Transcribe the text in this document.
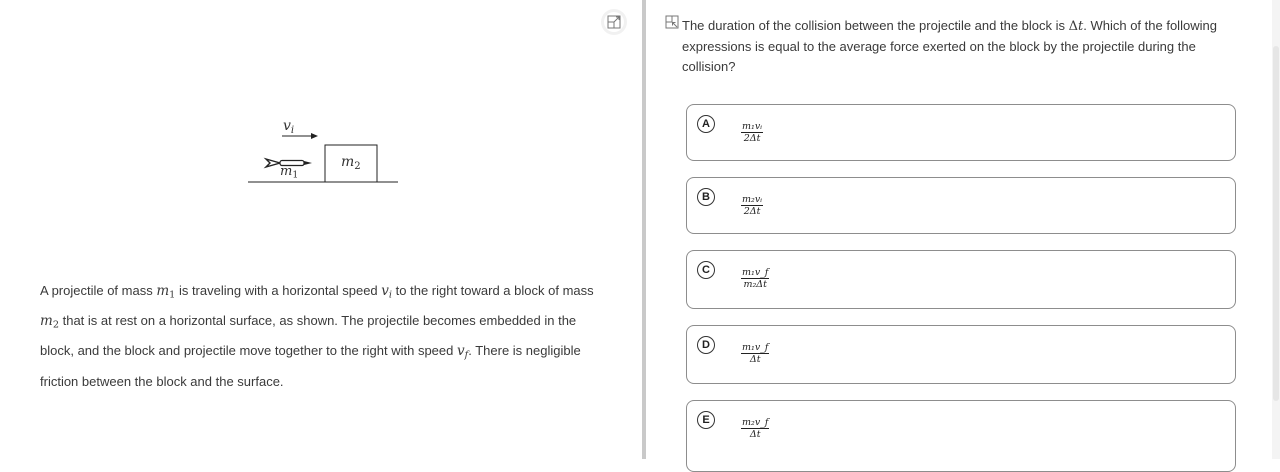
$v_i$
$m_2$
$m_1$
A projectile of mass $m_1$ is traveling with a horizontal speed $v_i$ to the right toward a block of mass $m_2$ that is at rest on a horizontal surface, as shown. The projectile becomes embedded in the block, and the block and projectile move together to the right with speed $v_f$. There is negligible friction between the block and the surface.
The duration of the collision between the projectile and the block is Δt. Which of the following expressions is equal to the average force exerted on the block by the projectile during the collision?
A	$\frac{\text{m₁vᵢ}}{2\Delta t}$
B	$\frac{\text{m₂vᵢ}}{2\Delta t}$
C	$\frac{\text{m₁v\_f}}{\text{m₂Δt}}$
D	$\frac{\text{m₁v\_f}}{\Delta t}$
E	$\frac{\text{m₂v\_f}}{\Delta t}$
